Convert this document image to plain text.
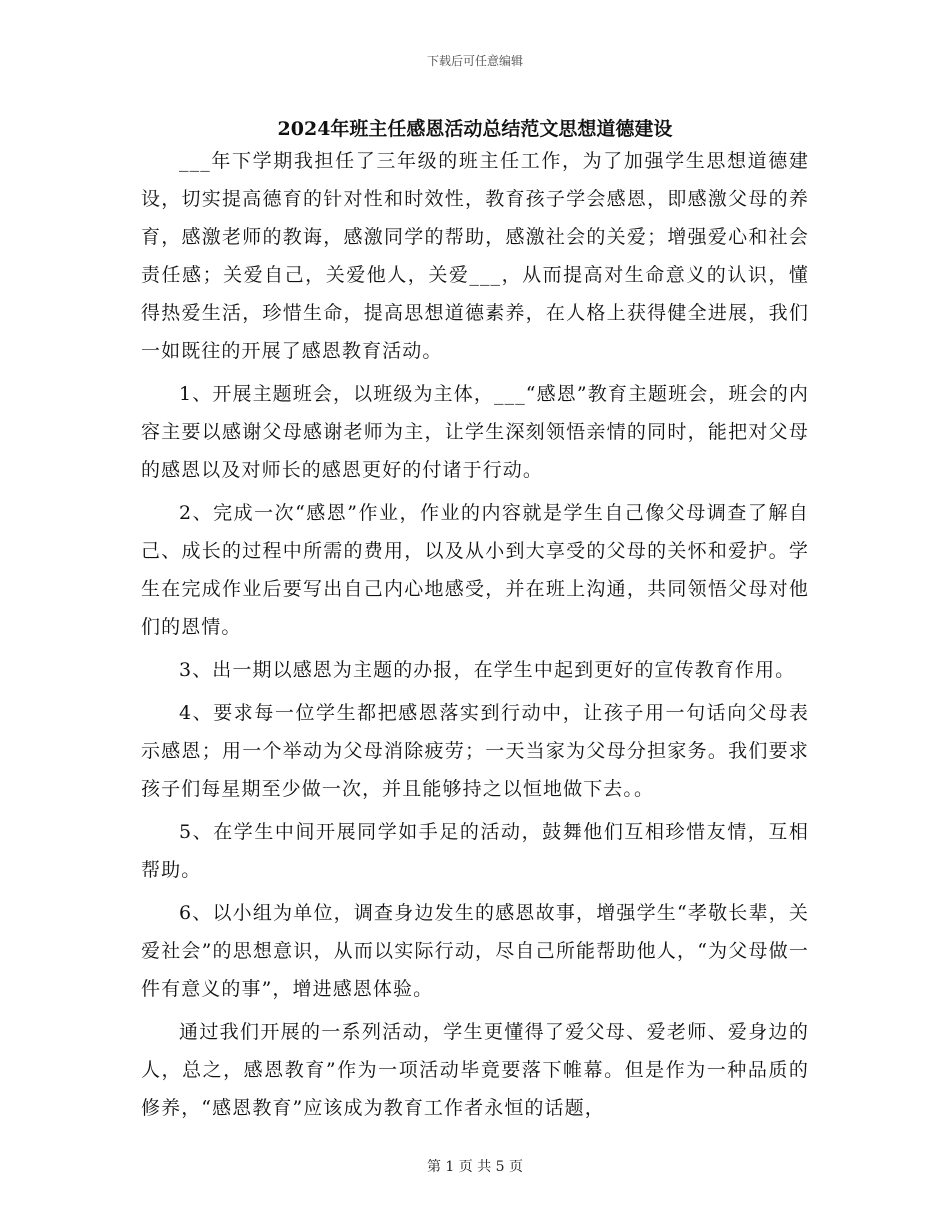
下载后可任意编辑
2024年班主任感恩活动总结范文思想道德建设

___年下学期我担任了三年级的班主任工作，为了加强学生思想道德建设，切实提高德育的针对性和时效性，教育孩子学会感恩，即感激父母的养育，感激老师的教诲，感激同学的帮助，感激社会的关爱；增强爱心和社会责任感；关爱自己，关爱他人，关爱___，从而提高对生命意义的认识，懂得热爱生活，珍惜生命，提高思想道德素养，在人格上获得健全进展，我们一如既往的开展了感恩教育活动。

1、开展主题班会，以班级为主体，___“感恩”教育主题班会，班会的内容主要以感谢父母感谢老师为主，让学生深刻领悟亲情的同时，能把对父母的感恩以及对师长的感恩更好的付诸于行动。

2、完成一次“感恩”作业，作业的内容就是学生自己像父母调查了解自己、成长的过程中所需的费用，以及从小到大享受的父母的关怀和爱护。学生在完成作业后要写出自己内心地感受，并在班上沟通，共同领悟父母对他们的恩情。

3、出一期以感恩为主题的办报，在学生中起到更好的宣传教育作用。

4、要求每一位学生都把感恩落实到行动中，让孩子用一句话向父母表示感恩；用一个举动为父母消除疲劳；一天当家为父母分担家务。我们要求孩子们每星期至少做一次，并且能够持之以恒地做下去。。

5、在学生中间开展同学如手足的活动，鼓舞他们互相珍惜友情，互相帮助。

6、以小组为单位，调查身边发生的感恩故事，增强学生“孝敬长辈，关爱社会”的思想意识，从而以实际行动，尽自己所能帮助他人，“为父母做一件有意义的事”，增进感恩体验。

通过我们开展的一系列活动，学生更懂得了爱父母、爱老师、爱身边的人，总之，感恩教育”作为一项活动毕竟要落下帷幕。但是作为一种品质的修养，“感恩教育”应该成为教育工作者永恒的话题，

第 1 页 共 5 页
